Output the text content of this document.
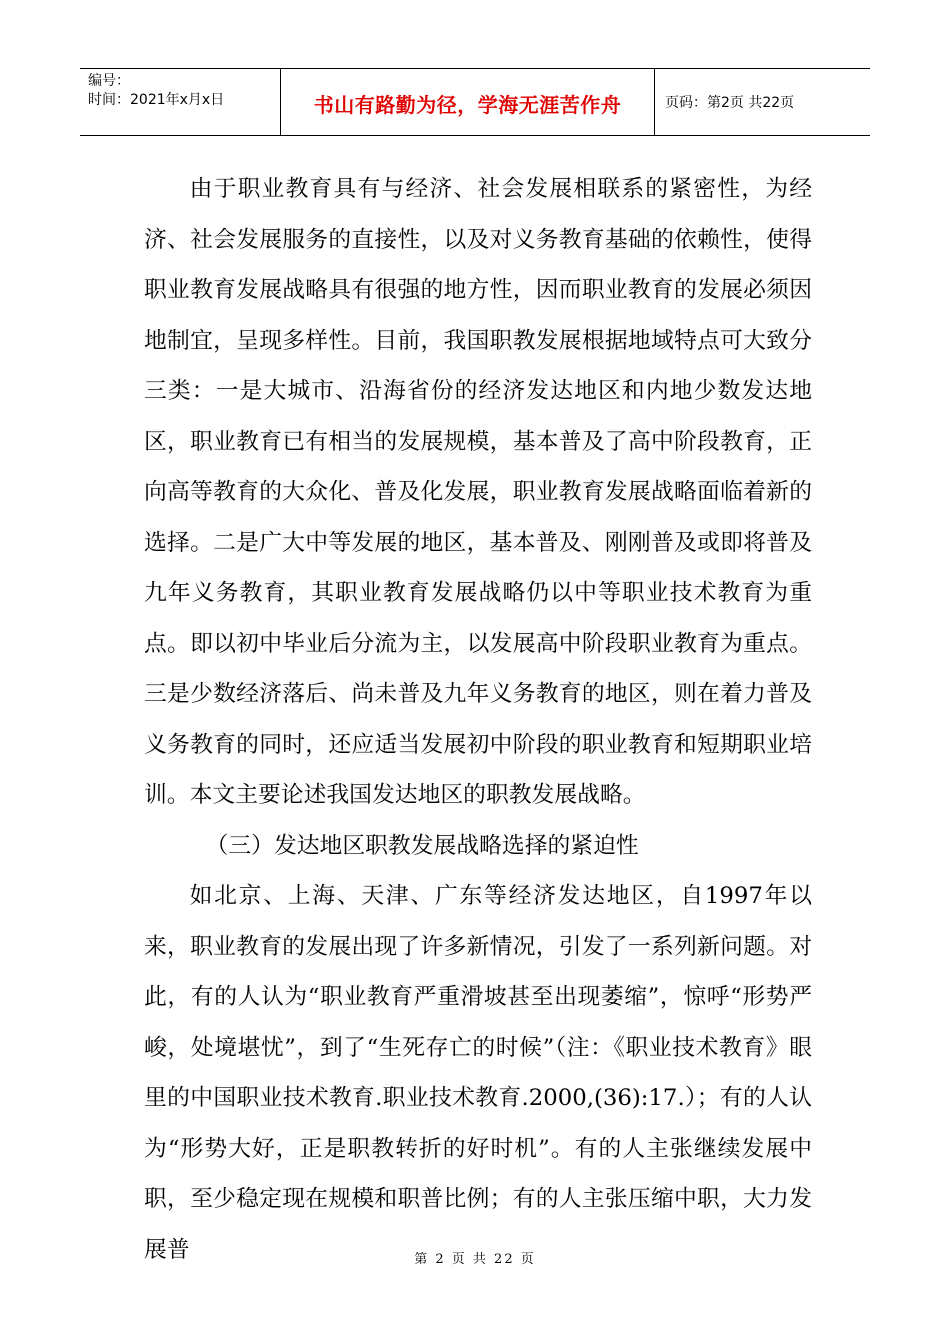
编号：
时间：2021年x月x日	书山有路勤为径，学海无涯苦作舟	页码：第2页 共22页

由于职业教育具有与经济、社会发展相联系的紧密性，为经济、社会发展服务的直接性，以及对义务教育基础的依赖性，使得职业教育发展战略具有很强的地方性，因而职业教育的发展必须因地制宜，呈现多样性。目前，我国职教发展根据地域特点可大致分三类：一是大城市、沿海省份的经济发达地区和内地少数发达地区，职业教育已有相当的发展规模，基本普及了高中阶段教育，正向高等教育的大众化、普及化发展，职业教育发展战略面临着新的选择。二是广大中等发展的地区，基本普及、刚刚普及或即将普及九年义务教育，其职业教育发展战略仍以中等职业技术教育为重点。即以初中毕业后分流为主，以发展高中阶段职业教育为重点。三是少数经济落后、尚未普及九年义务教育的地区，则在着力普及义务教育的同时，还应适当发展初中阶段的职业教育和短期职业培训。本文主要论述我国发达地区的职教发展战略。

（三）发达地区职教发展战略选择的紧迫性

如北京、上海、天津、广东等经济发达地区，自1997年以来，职业教育的发展出现了许多新情况，引发了一系列新问题。对此，有的人认为“职业教育严重滑坡甚至出现萎缩”，惊呼“形势严峻，处境堪忧”，到了“生死存亡的时候”（注：《职业技术教育》眼里的中国职业技术教育.职业技术教育.2000,(36):17.）；有的人认为“形势大好，正是职教转折的好时机”。有的人主张继续发展中职，至少稳定现在规模和职普比例；有的人主张压缩中职，大力发展普	第 2 页 共 22 页
